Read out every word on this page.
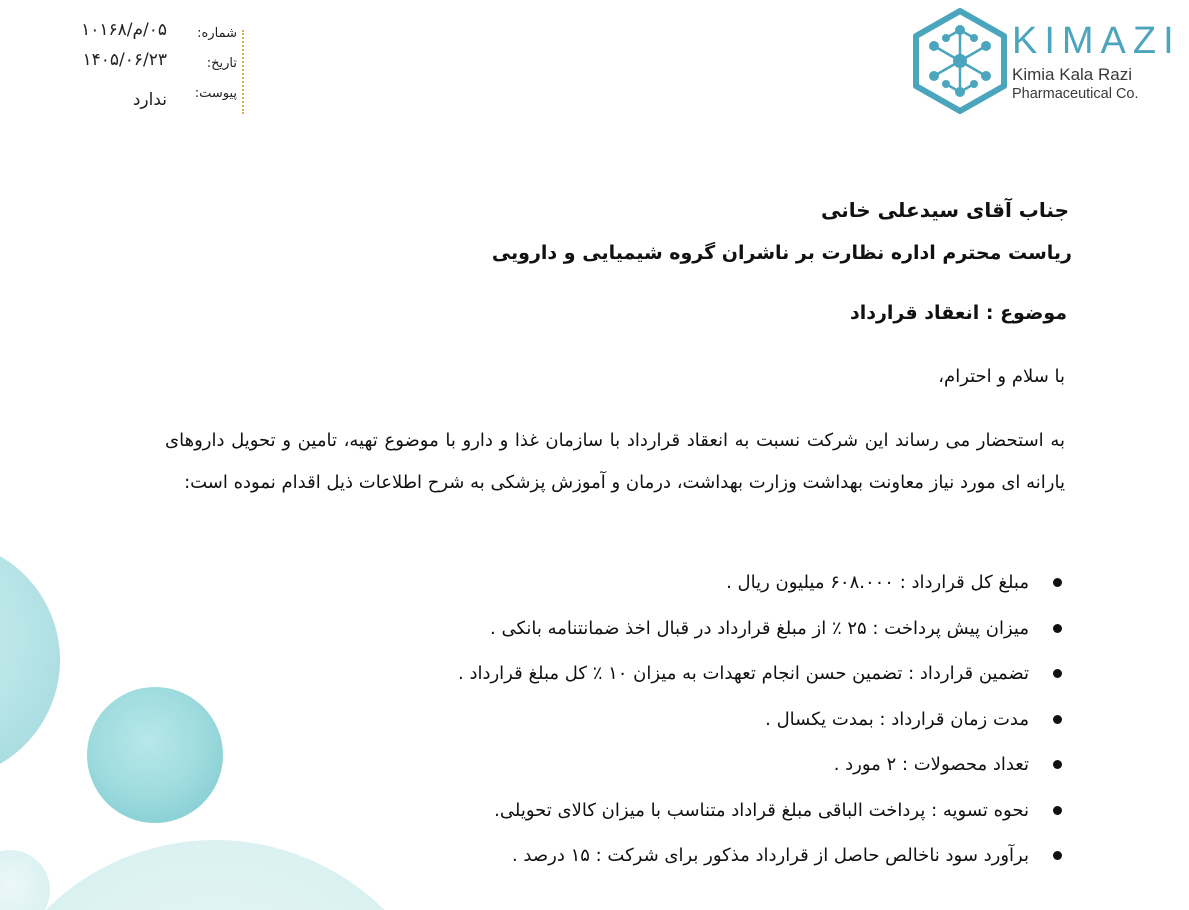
شماره:
۰۵/م/۱۰۱۶۸
تاریخ:
۱۴۰۵/۰۶/۲۳
پیوست:
ندارد
KIMAZI
Kimia Kala Razi
Pharmaceutical Co.
جناب آقای سیدعلی خانی
ریاست محترم اداره نظارت بر ناشران گروه شیمیایی و دارویی
موضوع : انعقاد قرارداد
با سلام و احترام،
به استحضار می رساند این شرکت نسبت به انعقاد قرارداد با سازمان غذا و دارو با موضوع تهیه، تامین و تحویل داروهای یارانه ای مورد نیاز معاونت بهداشت وزارت بهداشت، درمان و آموزش پزشکی به شرح اطلاعات ذیل اقدام نموده است:
مبلغ کل قرارداد : ۶۰۸.۰۰۰ میلیون ریال .
میزان پیش پرداخت : ۲۵ ٪ از مبلغ قرارداد در قبال اخذ ضمانتنامه بانکی .
تضمین قرارداد : تضمین حسن انجام تعهدات به میزان ۱۰ ٪ کل مبلغ قرارداد .
مدت زمان قرارداد : بمدت یکسال .
تعداد محصولات : ۲ مورد .
نحوه تسویه : پرداخت الباقی مبلغ قراداد متناسب با میزان کالای تحویلی.
برآورد سود ناخالص حاصل از قرارداد مذکور برای شرکت : ۱۵ درصد .
